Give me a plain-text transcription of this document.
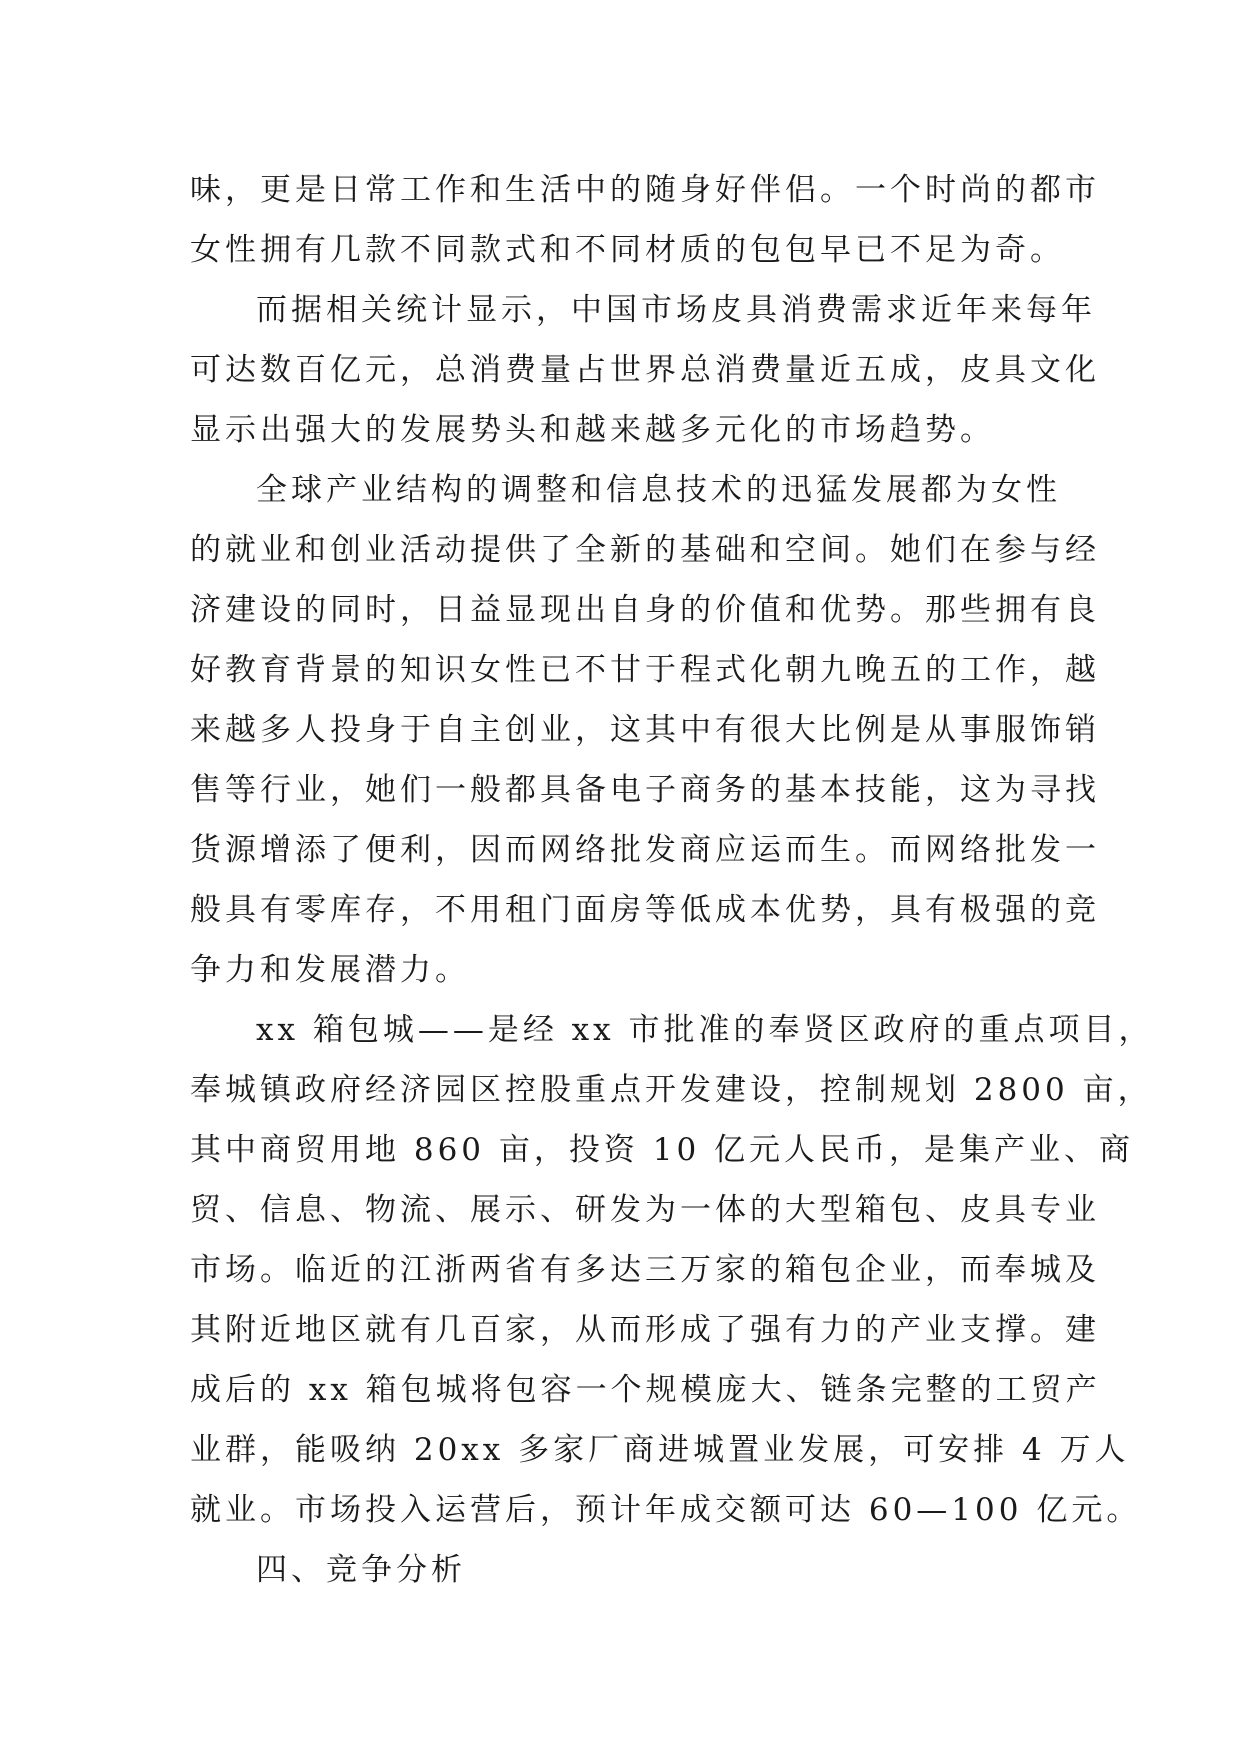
味，更是日常工作和生活中的随身好伴侣。一个时尚的都市
女性拥有几款不同款式和不同材质的包包早已不足为奇。
而据相关统计显示，中国市场皮具消费需求近年来每年
可达数百亿元，总消费量占世界总消费量近五成，皮具文化
显示出强大的发展势头和越来越多元化的市场趋势。
全球产业结构的调整和信息技术的迅猛发展都为女性
的就业和创业活动提供了全新的基础和空间。她们在参与经
济建设的同时，日益显现出自身的价值和优势。那些拥有良
好教育背景的知识女性已不甘于程式化朝九晚五的工作，越
来越多人投身于自主创业，这其中有很大比例是从事服饰销
售等行业，她们一般都具备电子商务的基本技能，这为寻找
货源增添了便利，因而网络批发商应运而生。而网络批发一
般具有零库存，不用租门面房等低成本优势，具有极强的竞
争力和发展潜力。
xx 箱包城——是经 xx 市批准的奉贤区政府的重点项目，
奉城镇政府经济园区控股重点开发建设，控制规划 2800 亩，
其中商贸用地 860 亩，投资 10 亿元人民币，是集产业、商
贸、信息、物流、展示、研发为一体的大型箱包、皮具专业
市场。临近的江浙两省有多达三万家的箱包企业，而奉城及
其附近地区就有几百家，从而形成了强有力的产业支撑。建
成后的 xx 箱包城将包容一个规模庞大、链条完整的工贸产
业群，能吸纳 20xx 多家厂商进城置业发展，可安排 4 万人
就业。市场投入运营后，预计年成交额可达 60—100 亿元。
四、竞争分析
